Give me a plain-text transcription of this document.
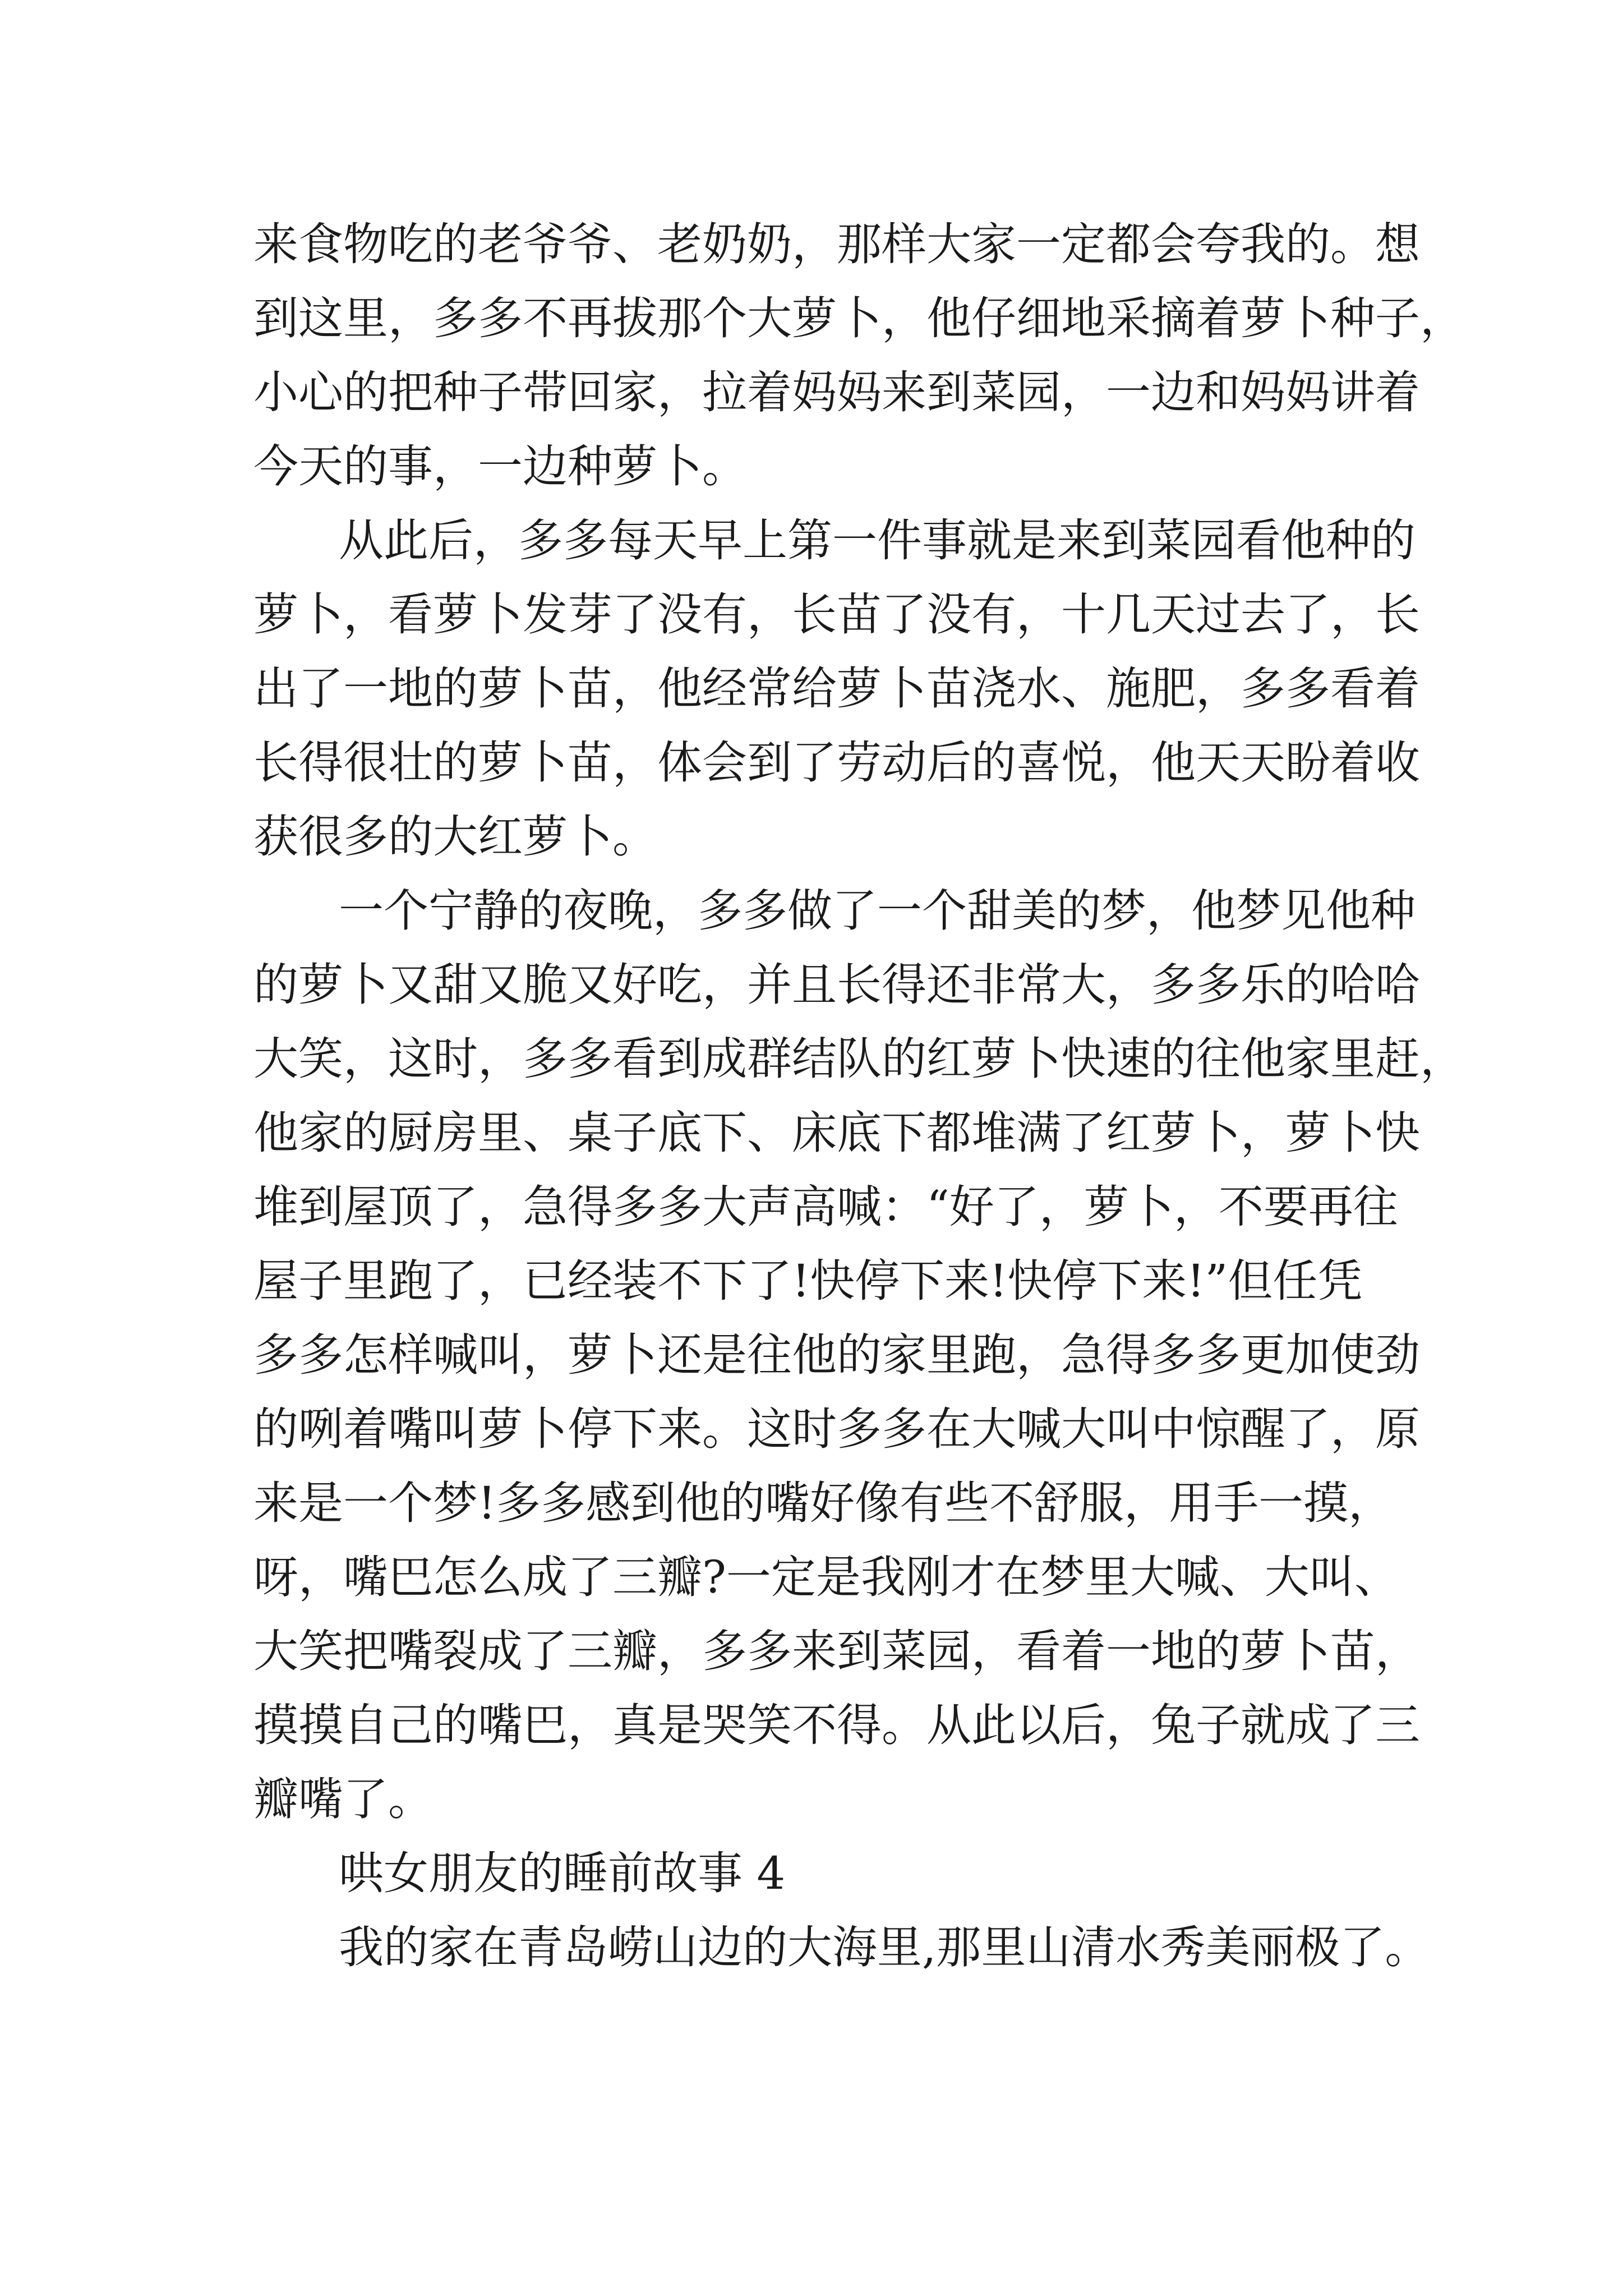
来食物吃的老爷爷、老奶奶，那样大家一定都会夸我的。想
到这里，多多不再拔那个大萝卜，他仔细地采摘着萝卜种子，
小心的把种子带回家，拉着妈妈来到菜园，一边和妈妈讲着
今天的事，一边种萝卜。
从此后，多多每天早上第一件事就是来到菜园看他种的
萝卜，看萝卜发芽了没有，长苗了没有，十几天过去了，长
出了一地的萝卜苗，他经常给萝卜苗浇水、施肥，多多看着
长得很壮的萝卜苗，体会到了劳动后的喜悦，他天天盼着收
获很多的大红萝卜。
一个宁静的夜晚，多多做了一个甜美的梦，他梦见他种
的萝卜又甜又脆又好吃，并且长得还非常大，多多乐的哈哈
大笑，这时，多多看到成群结队的红萝卜快速的往他家里赶，
他家的厨房里、桌子底下、床底下都堆满了红萝卜，萝卜快
堆到屋顶了，急得多多大声高喊：“好了，萝卜，不要再往
屋子里跑了，已经装不下了!快停下来!快停下来!”但任凭
多多怎样喊叫，萝卜还是往他的家里跑，急得多多更加使劲
的咧着嘴叫萝卜停下来。这时多多在大喊大叫中惊醒了，原
来是一个梦!多多感到他的嘴好像有些不舒服，用手一摸，
呀，嘴巴怎么成了三瓣?一定是我刚才在梦里大喊、大叫、
大笑把嘴裂成了三瓣，多多来到菜园，看着一地的萝卜苗，
摸摸自己的嘴巴，真是哭笑不得。从此以后，兔子就成了三
瓣嘴了。
哄女朋友的睡前故事 4
我的家在青岛崂山边的大海里,那里山清水秀美丽极了。
